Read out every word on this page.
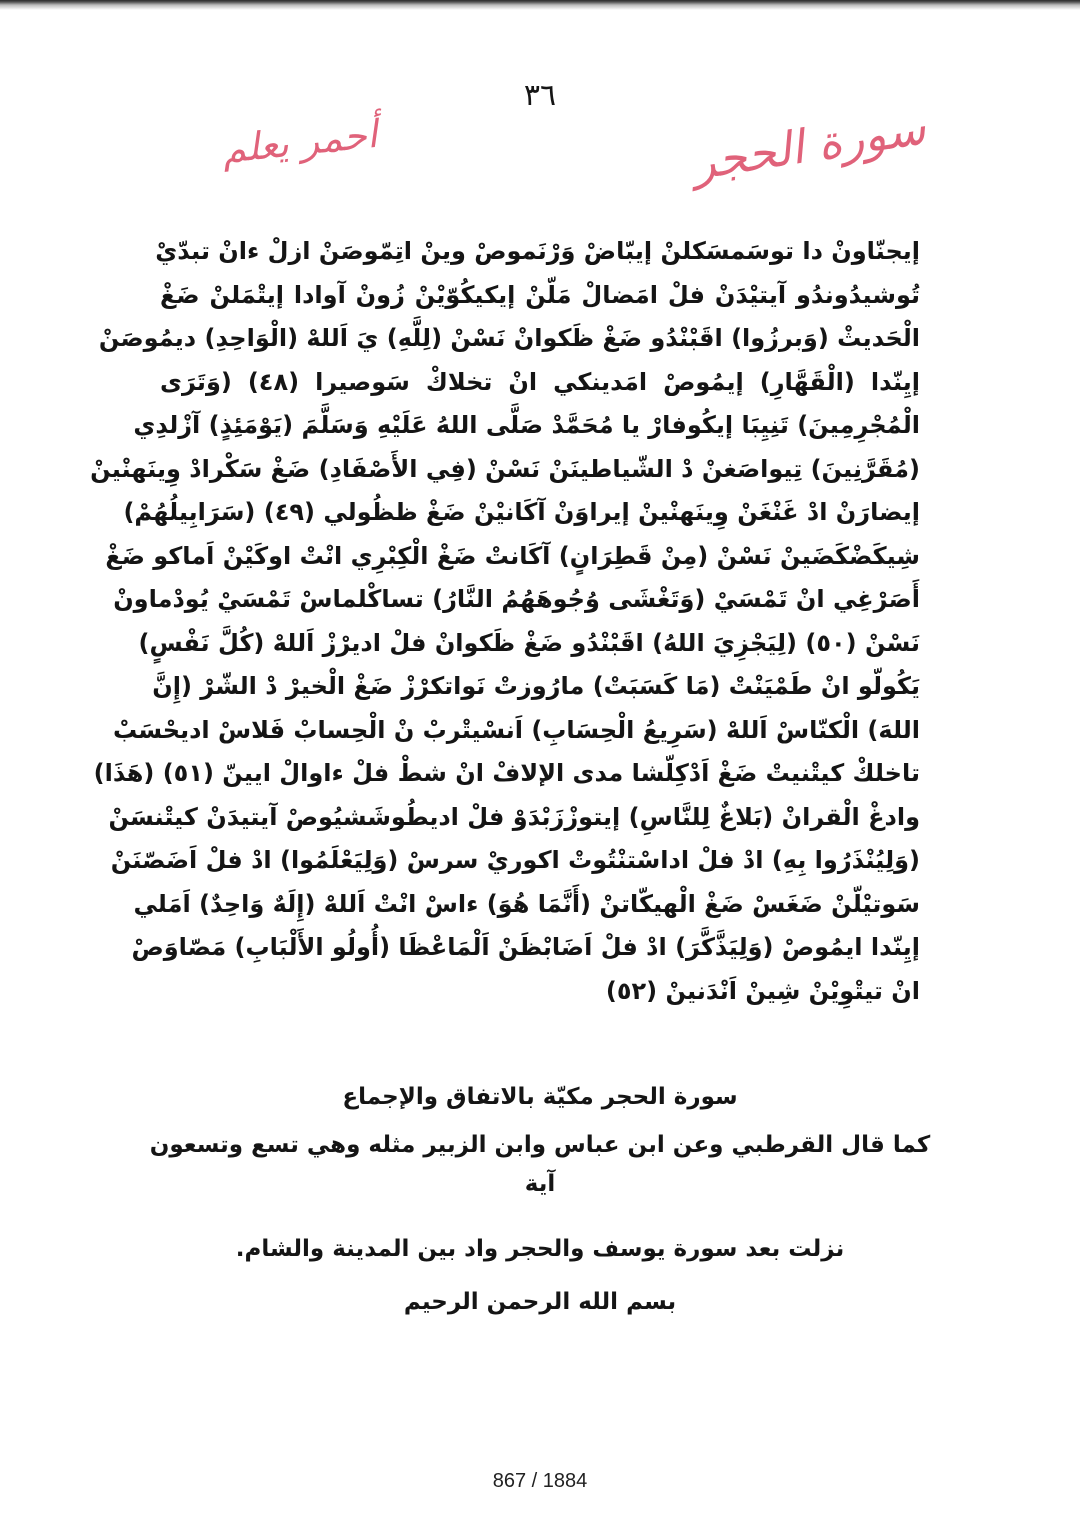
٣٦
سورة الحجر
أحمر يعلم
إيجنّاونْ دا توسَمسَكلنْ إيبّاضْ وَرْنَموصْ وينْ اتِمّوصَنْ ازلْ ءانْ تبدّيْ
تُوشيدُوندُو آيتيْدَنْ فلْ امَضالْ مَلّنْ إيكيكُوّيْنْ زُونْ آوادا إيتْمَلنْ ضَغْ
الْحَديثْ (وَبرزُوا) اقَبْنْدُو ضَغْ ظَكوانْ نَسْنْ (لِلَّهِ) يَ اَللهْ (الْوَاحِدِ) ديمُوصَنْ
إيِنّدا (الْقَهَّارِ) إيمُوصْ امَدينكي انْ تخلاكْ سَوصيرا (٤٨) (وَتَرَى
الْمُجْرِمِينَ) تَنِيِبَا إيكُوفارْ يا مُحَمَّدْ صَلَّى اللهُ عَلَيْهِ وَسَلَّمَ (يَوْمَئِذٍ) آزْلدِي
(مُقَرَّنِينَ) تِيواصَغنْ دْ الشّياطينَنْ نَسْنْ (فِي الأَصْفَادِ) ضَغْ سَكْرادْ وِينَهنْينْ
إيضارَنْ ادْ غَنْغَنْ وِينَهنْينْ إيراوَنْ آكَانيْنْ ضَغْ ظظُولي (٤٩) (سَرَابِيلُهُمْ)
شِيكَضْكَضَينْ نَسْنْ (مِنْ قَطِرَانٍ) آكَانتْ ضَغْ الْكِبْرِي انْتْ اوكَيْنْ اَماكو ضَغْ
أَصَرْغِي انْ تَمْسَيْ (وَتَغْشَى وُجُوهَهُمُ النَّارُ) تساكْلماسْ تَمْسَيْ يُودْماونْ
نَسْنْ (٥٠) (لِيَجْزِيَ اللهُ) اقَبْنْدُو ضَغْ ظَكوانْ فلْ اديرْزْ اَللهْ (كُلَّ نَفْسٍ)
يَكُولّو انْ طَمْيَنْتْ (مَا كَسَبَتْ) مارُوزتْ نَواتكرْزْ ضَغْ الْخيرْ دْ الشّرْ (إِنَّ
اللهَ) الْكنّاسْ اَللهْ (سَرِيعُ الْحِسَابِ) اَنسْيتْربْ نْ الْحِسابْ فَلاسْ اديحْسَبْ
تاخلكْ كيتْنيتْ ضَغْ اَدْكِلّشا مدى الإلافْ انْ شطْ فلْ ءاوالْ ايينّ (٥١) (هَذَا)
وادغْ الْقرانْ (بَلاغٌ لِلنَّاسِ) إيتوزْزَبْدَوْ فلْ اديطُوشَشيُوصْ آيتيدَنْ كيتْنسَنْ
(وَلِيُنْذَرُوا بِهِ) ادْ فلْ اداسْتنْتُوتْ اكوريْ سرسْ (وَلِيَعْلَمُوا) ادْ فلْ اَضَصّنَنْ
سَوتيْلّنْ ضَغَسْ ضَغْ الْهيكّاتنْ (أَنَّمَا هُوَ) ءاسْ انْتْ اَللهْ (إِلَهٌ وَاحِدٌ) اَمَلي
إيِنّدا ايمُوصْ (وَلِيَذَّكَّرَ) ادْ فلْ اَضَابْظَنْ اَلْمَاعْظَا (أُولُو الأَلْبَابِ) مَصّاوَصْ
انْ تيتْوِيْنْ شِينْ اَنْدَنينْ (٥٢)
سورة الحجر مكيّة بالاتفاق والإجماع
كما قال القرطبي وعن ابن عباس وابن الزبير مثله وهي تسع وتسعون
آية
نزلت بعد سورة يوسف والحجر واد بين المدينة والشام.
بسم الله الرحمن الرحيم
867 / 1884
